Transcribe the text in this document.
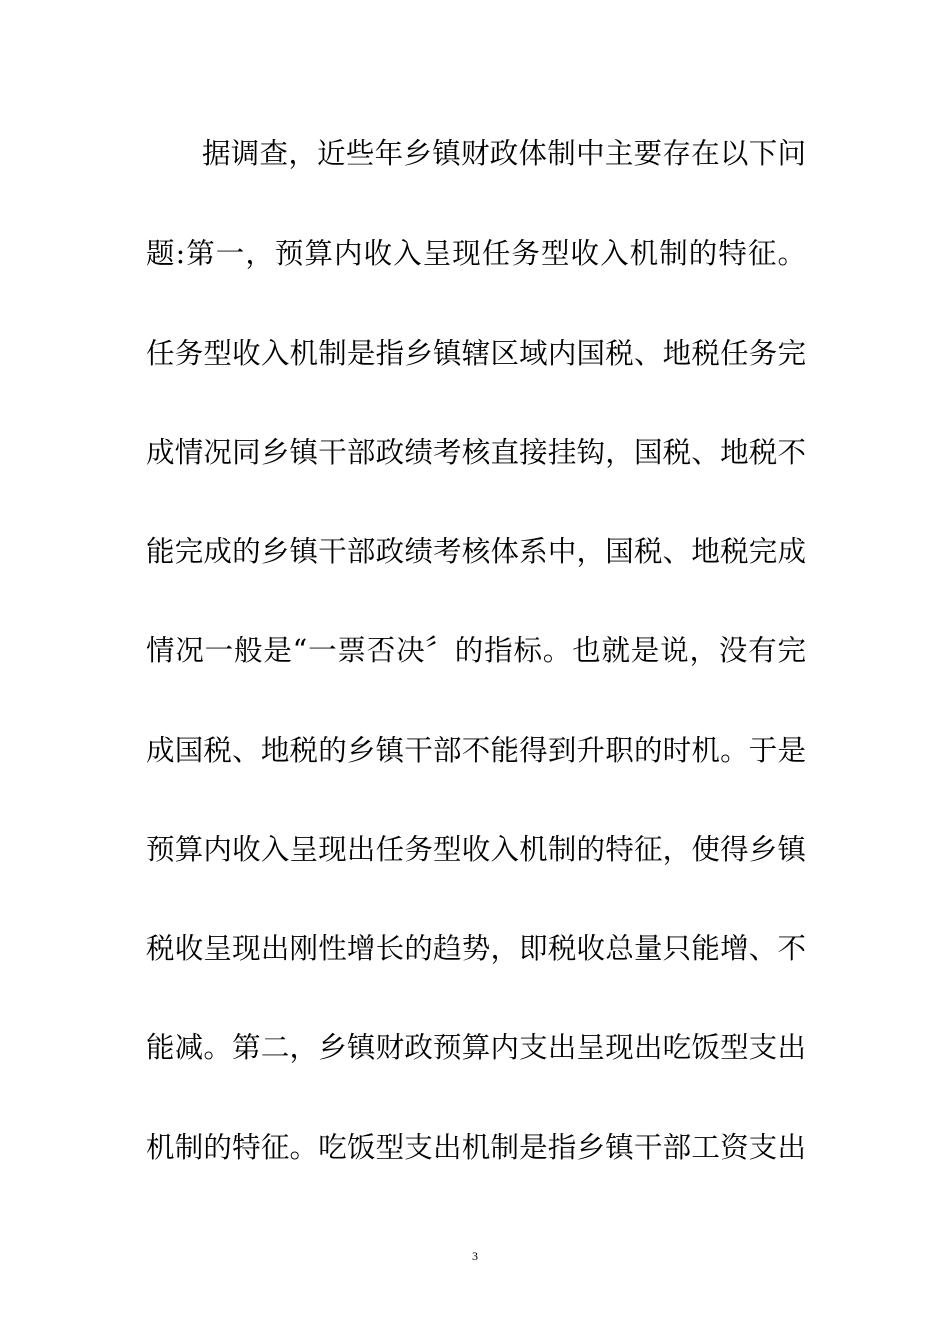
据调查，近些年乡镇财政体制中主要存在以下问
题:第一，预算内收入呈现任务型收入机制的特征。
任务型收入机制是指乡镇辖区域内国税、地税任务完
成情况同乡镇干部政绩考核直接挂钩，国税、地税不
能完成的乡镇干部政绩考核体系中，国税、地税完成
情况一般是“一票否决〞的指标。也就是说，没有完
成国税、地税的乡镇干部不能得到升职的时机。于是
预算内收入呈现出任务型收入机制的特征，使得乡镇
税收呈现出刚性增长的趋势，即税收总量只能增、不
能减。第二，乡镇财政预算内支出呈现出吃饭型支出
机制的特征。吃饭型支出机制是指乡镇干部工资支出
3
